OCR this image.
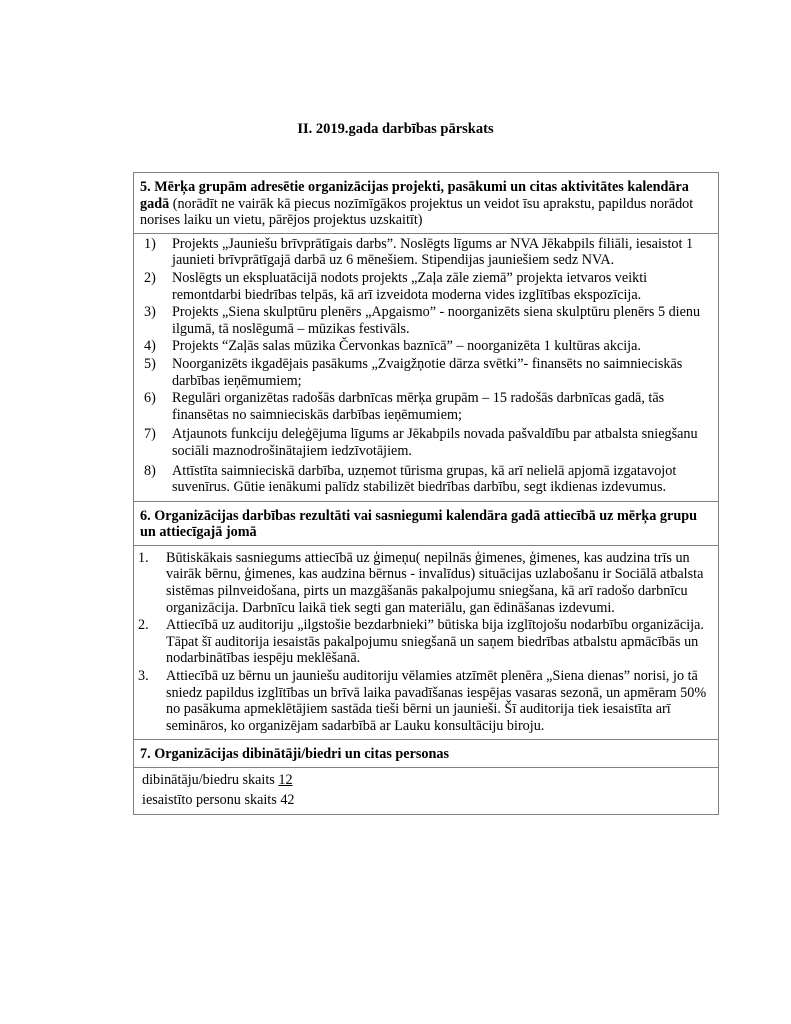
II. 2019.gada darbības pārskats
5. Mērķa grupām adresētie organizācijas projekti, pasākumi un citas aktivitātes kalendāra gadā (norādīt ne vairāk kā piecus nozīmīgākos projektus un veidot īsu aprakstu, papildus norādot norises laiku un vietu, pārējos projektus uzskaitīt)
1) Projekts „Jauniešu brīvprātīgais darbs”. Noslēgts līgums ar NVA Jēkabpils filiāli, iesaistot 1 jaunieti brīvprātīgajā darbā uz 6 mēnešiem. Stipendijas jauniešiem sedz NVA.
2) Noslēgts un ekspluatācijā nodots projekts „Zaļa zāle ziemā” projekta ietvaros veikti remontdarbi biedrības telpās, kā arī izveidota moderna vides izglītības ekspozīcija.
3) Projekts „Siena skulptūru plenērs „Apgaismo” - noorganizēts siena skulptūru plenērs 5 dienu ilgumā, tā noslēgumā – mūzikas festivāls.
4) Projekts “Zaļās salas mūzika Červonkas baznīcā” – noorganizēta 1 kultūras akcija.
5) Noorganizēts ikgadējais pasākums „Zvaigžņotie dārza svētki”- finansēts no saimnieciskās darbības ieņēmumiem;
6) Regulāri organizētas radošās darbnīcas mērķa grupām – 15 radošās darbnīcas gadā, tās finansētas no saimnieciskās darbības ieņēmumiem;
7) Atjaunots funkciju deleģējuma līgums ar Jēkabpils novada pašvaldību par atbalsta sniegšanu sociāli maznodrošinātajiem iedzīvotājiem.
8) Attīstīta saimnieciskā darbība, uzņemot tūrisma grupas, kā arī nelielā apjomā izgatavojot suvenīrus. Gūtie ienākumi palīdz stabilizēt biedrības darbību, segt ikdienas izdevumus.
6. Organizācijas darbības rezultāti vai sasniegumi kalendāra gadā attiecībā uz mērķa grupu un attiecīgajā jomā
1. Būtiskākais sasniegums attiecībā uz ģimeņu( nepilnās ģimenes, ģimenes, kas audzina trīs un vairāk bērnu, ģimenes, kas audzina bērnus - invalīdus) situācijas uzlabošanu ir Sociālā atbalsta sistēmas pilnveidošana, pirts un mazgāšanās pakalpojumu sniegšana, kā arī radošo darbnīcu organizācija. Darbnīcu laikā tiek segti gan materiālu, gan ēdināšanas izdevumi.
2. Attiecībā uz auditoriju „ilgstošie bezdarbnieki” būtiska bija izglītojošu nodarbību organizācija. Tāpat šī auditorija iesaistās pakalpojumu sniegšanā un saņem biedrības atbalstu apmācībās un nodarbinātības iespēju meklēšanā.
3. Attiecībā uz bērnu un jauniešu auditoriju vēlamies atzīmēt plenēra „Siena dienas” norisi, jo tā sniedz papildus izglītības un brīvā laika pavadīšanas iespējas vasaras sezonā, un apmēram 50% no pasākuma apmeklētājiem sastāda tieši bērni un jaunieši. Šī auditorija tiek iesaistīta arī semināros, ko organizējam sadarbībā ar Lauku konsultāciju biroju.
7. Organizācijas dibinātāji/biedri un citas personas
dibinātāju/biedru skaits 12
iesaistīto personu skaits 42
